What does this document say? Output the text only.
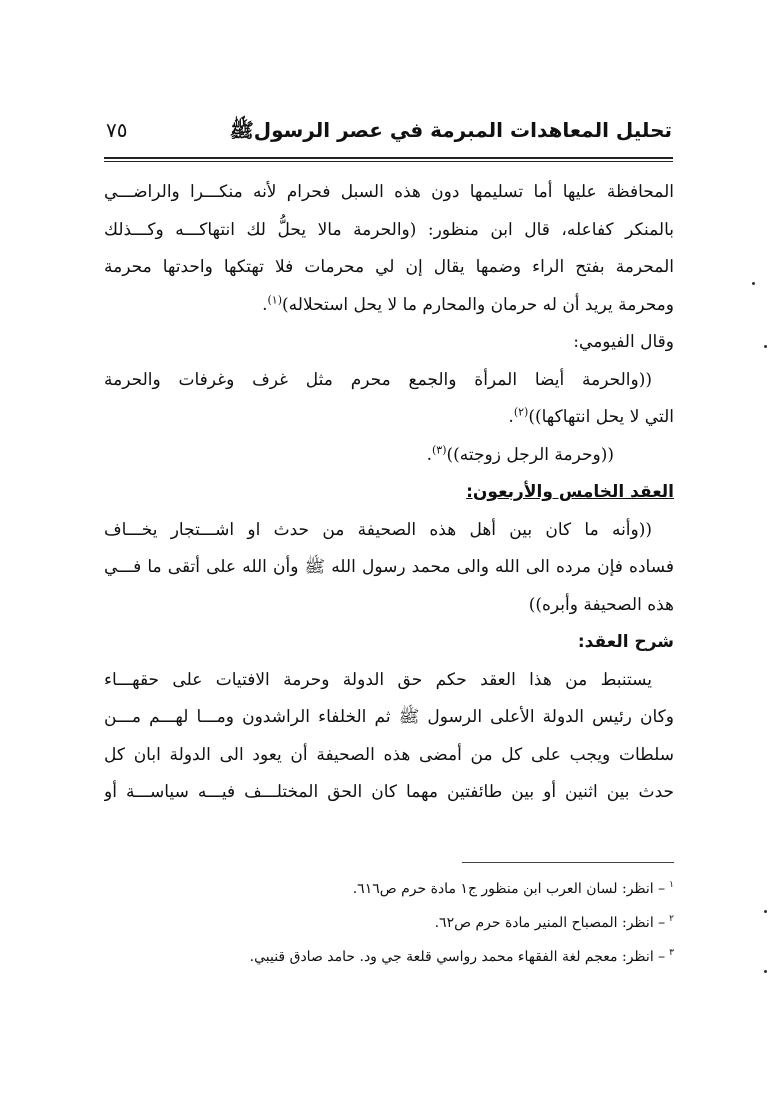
تحليل المعاهدات المبرمة في عصر الرسولﷺ
٧٥
المحافظة عليها أما تسليمها دون هذه السبل فحرام لأنه منكـــرا والراضـــي
بالمنكر كفاعله، قال ابن منظور: (والحرمة مالا يحلُّ لك انتهاكـــه وكـــذلك
المحرمة بفتح الراء وضمها يقال إن لي محرمات فلا تهتكها واحدتها محرمة
ومحرمة يريد أن له حرمان والمحارم ما لا يحل استحلاله)$^{(١)}$.
وقال الفيومي:
((والحرمة أيضا المرأة والجمع محرم مثل غرف وغرفات والحرمة
التي لا يحل انتهاكها))$^{(٢)}$.
((وحرمة الرجل زوجته))$^{(٣)}$.
العقد الخامس والأربعون:
((وأنه ما كان بين أهل هذه الصحيفة من حدث او اشـــتجار يخـــاف
فساده فإن مرده الى الله والى محمد رسول الله ﷺ وأن الله على أتقى ما فـــي
هذه الصحيفة وأبره))
شرح العقد:
يستنبط من هذا العقد حكم حق الدولة وحرمة الافتيات على حقهـــاء
وكان رئيس الدولة الأعلى الرسول ﷺ ثم الخلفاء الراشدون ومـــا لهـــم مـــن
سلطات ويجب على كل من أمضى هذه الصحيفة أن يعود الى الدولة ابان كل
حدث بين اثنين أو بين طائفتين مهما كان الحق المختلـــف فيـــه سياســـة أو
$^١$– انظر: لسان العرب ابن منظور ج١ مادة حرم ص٦١٦.
$^٢$– انظر: المصباح المنير مادة حرم ص٦٢.
$^٣$– انظر: معجم لغة الفقهاء محمد رواسي قلعة جي ود. حامد صادق قنيبي.
